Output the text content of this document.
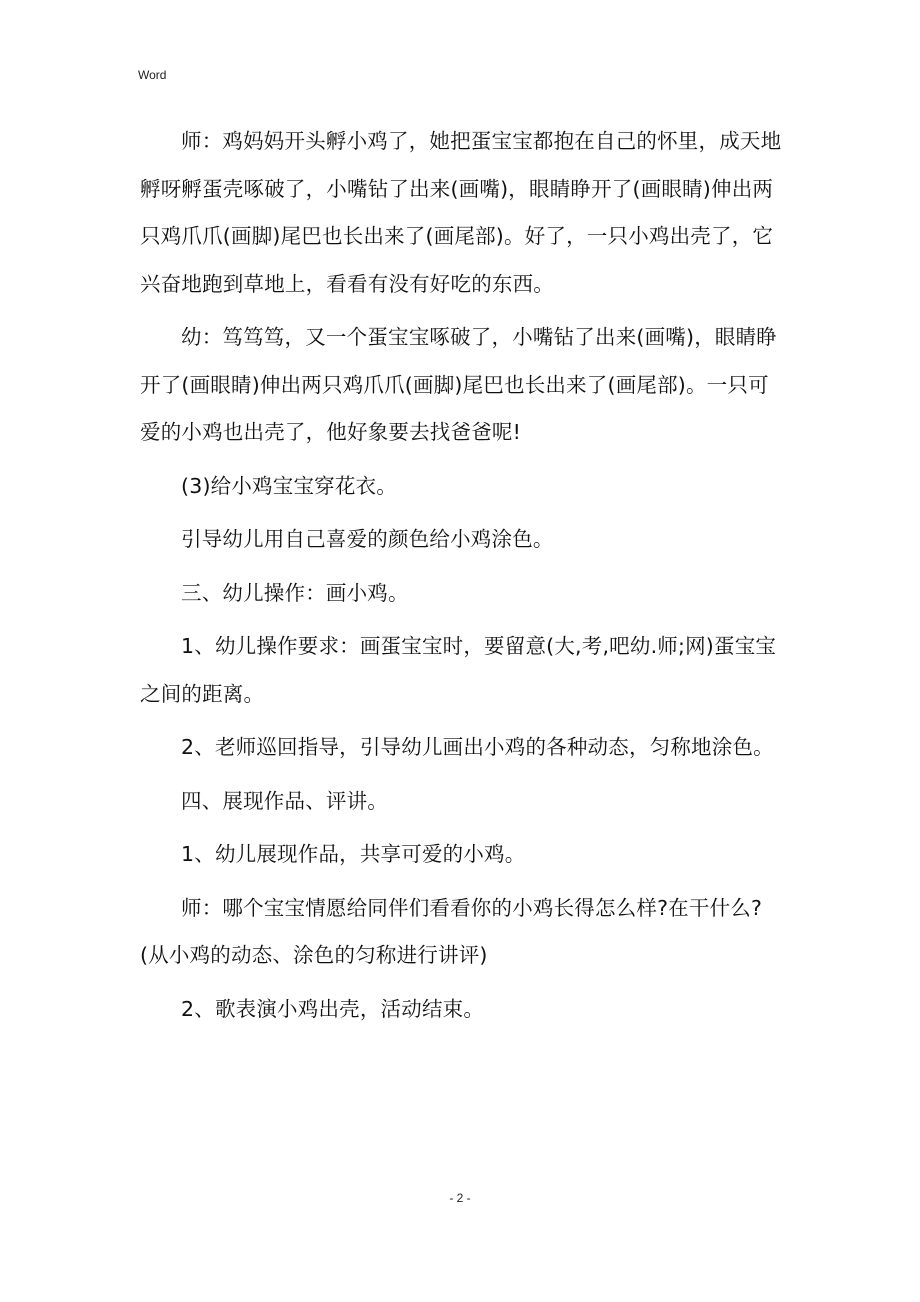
Word

师：鸡妈妈开头孵小鸡了，她把蛋宝宝都抱在自己的怀里，成天地孵呀孵蛋壳啄破了，小嘴钻了出来(画嘴)，眼睛睁开了(画眼睛)伸出两只鸡爪爪(画脚)尾巴也长出来了(画尾部)。好了，一只小鸡出壳了，它兴奋地跑到草地上，看看有没有好吃的东西。

幼：笃笃笃，又一个蛋宝宝啄破了，小嘴钻了出来(画嘴)，眼睛睁开了(画眼睛)伸出两只鸡爪爪(画脚)尾巴也长出来了(画尾部)。一只可爱的小鸡也出壳了，他好象要去找爸爸呢!

(3)给小鸡宝宝穿花衣。

引导幼儿用自己喜爱的颜色给小鸡涂色。

三、幼儿操作：画小鸡。

1、幼儿操作要求：画蛋宝宝时，要留意(大,考,吧幼.师;网)蛋宝宝之间的距离。

2、老师巡回指导，引导幼儿画出小鸡的各种动态，匀称地涂色。

四、展现作品、评讲。

1、幼儿展现作品，共享可爱的小鸡。

师：哪个宝宝情愿给同伴们看看你的小鸡长得怎么样?在干什么?(从小鸡的动态、涂色的匀称进行讲评)

2、歌表演小鸡出壳，活动结束。

- 2 -
